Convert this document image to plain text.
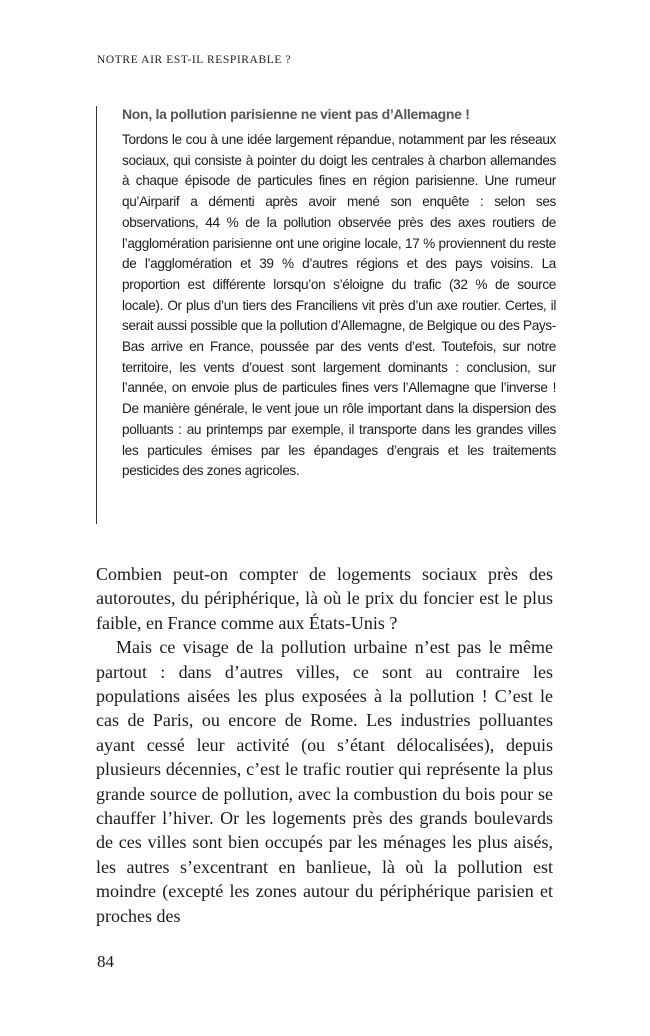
NOTRE AIR EST-IL RESPIRABLE ?

Non, la pollution parisienne ne vient pas d’Allemagne !

Tordons le cou à une idée largement répandue, notamment par les réseaux sociaux, qui consiste à pointer du doigt les centrales à charbon allemandes à chaque épisode de particules fines en région parisienne. Une rumeur qu’Airparif a démenti après avoir mené son enquête : selon ses observations, 44 % de la pollution observée près des axes routiers de l’agglomération parisienne ont une origine locale, 17 % proviennent du reste de l’agglomération et 39 % d’autres régions et des pays voisins. La proportion est différente lorsqu’on s’éloigne du trafic (32 % de source locale). Or plus d’un tiers des Franciliens vit près d’un axe routier. Certes, il serait aussi possible que la pollution d’Allemagne, de Belgique ou des Pays-Bas arrive en France, poussée par des vents d’est. Toutefois, sur notre territoire, les vents d’ouest sont largement dominants : conclusion, sur l’année, on envoie plus de particules fines vers l’Allemagne que l’inverse ! De manière générale, le vent joue un rôle important dans la dispersion des polluants : au printemps par exemple, il transporte dans les grandes villes les particules émises par les épandages d’engrais et les traitements pesticides des zones agricoles.

Combien peut-on compter de logements sociaux près des autoroutes, du périphérique, là où le prix du foncier est le plus faible, en France comme aux États-Unis ?

Mais ce visage de la pollution urbaine n’est pas le même partout : dans d’autres villes, ce sont au contraire les populations aisées les plus exposées à la pollution ! C’est le cas de Paris, ou encore de Rome. Les industries polluantes ayant cessé leur activité (ou s’étant délocalisées), depuis plusieurs décennies, c’est le trafic routier qui représente la plus grande source de pollution, avec la combustion du bois pour se chauffer l’hiver. Or les logements près des grands boulevards de ces villes sont bien occupés par les ménages les plus aisés, les autres s’excentrant en banlieue, là où la pollution est moindre (excepté les zones autour du périphérique parisien et proches des

84
